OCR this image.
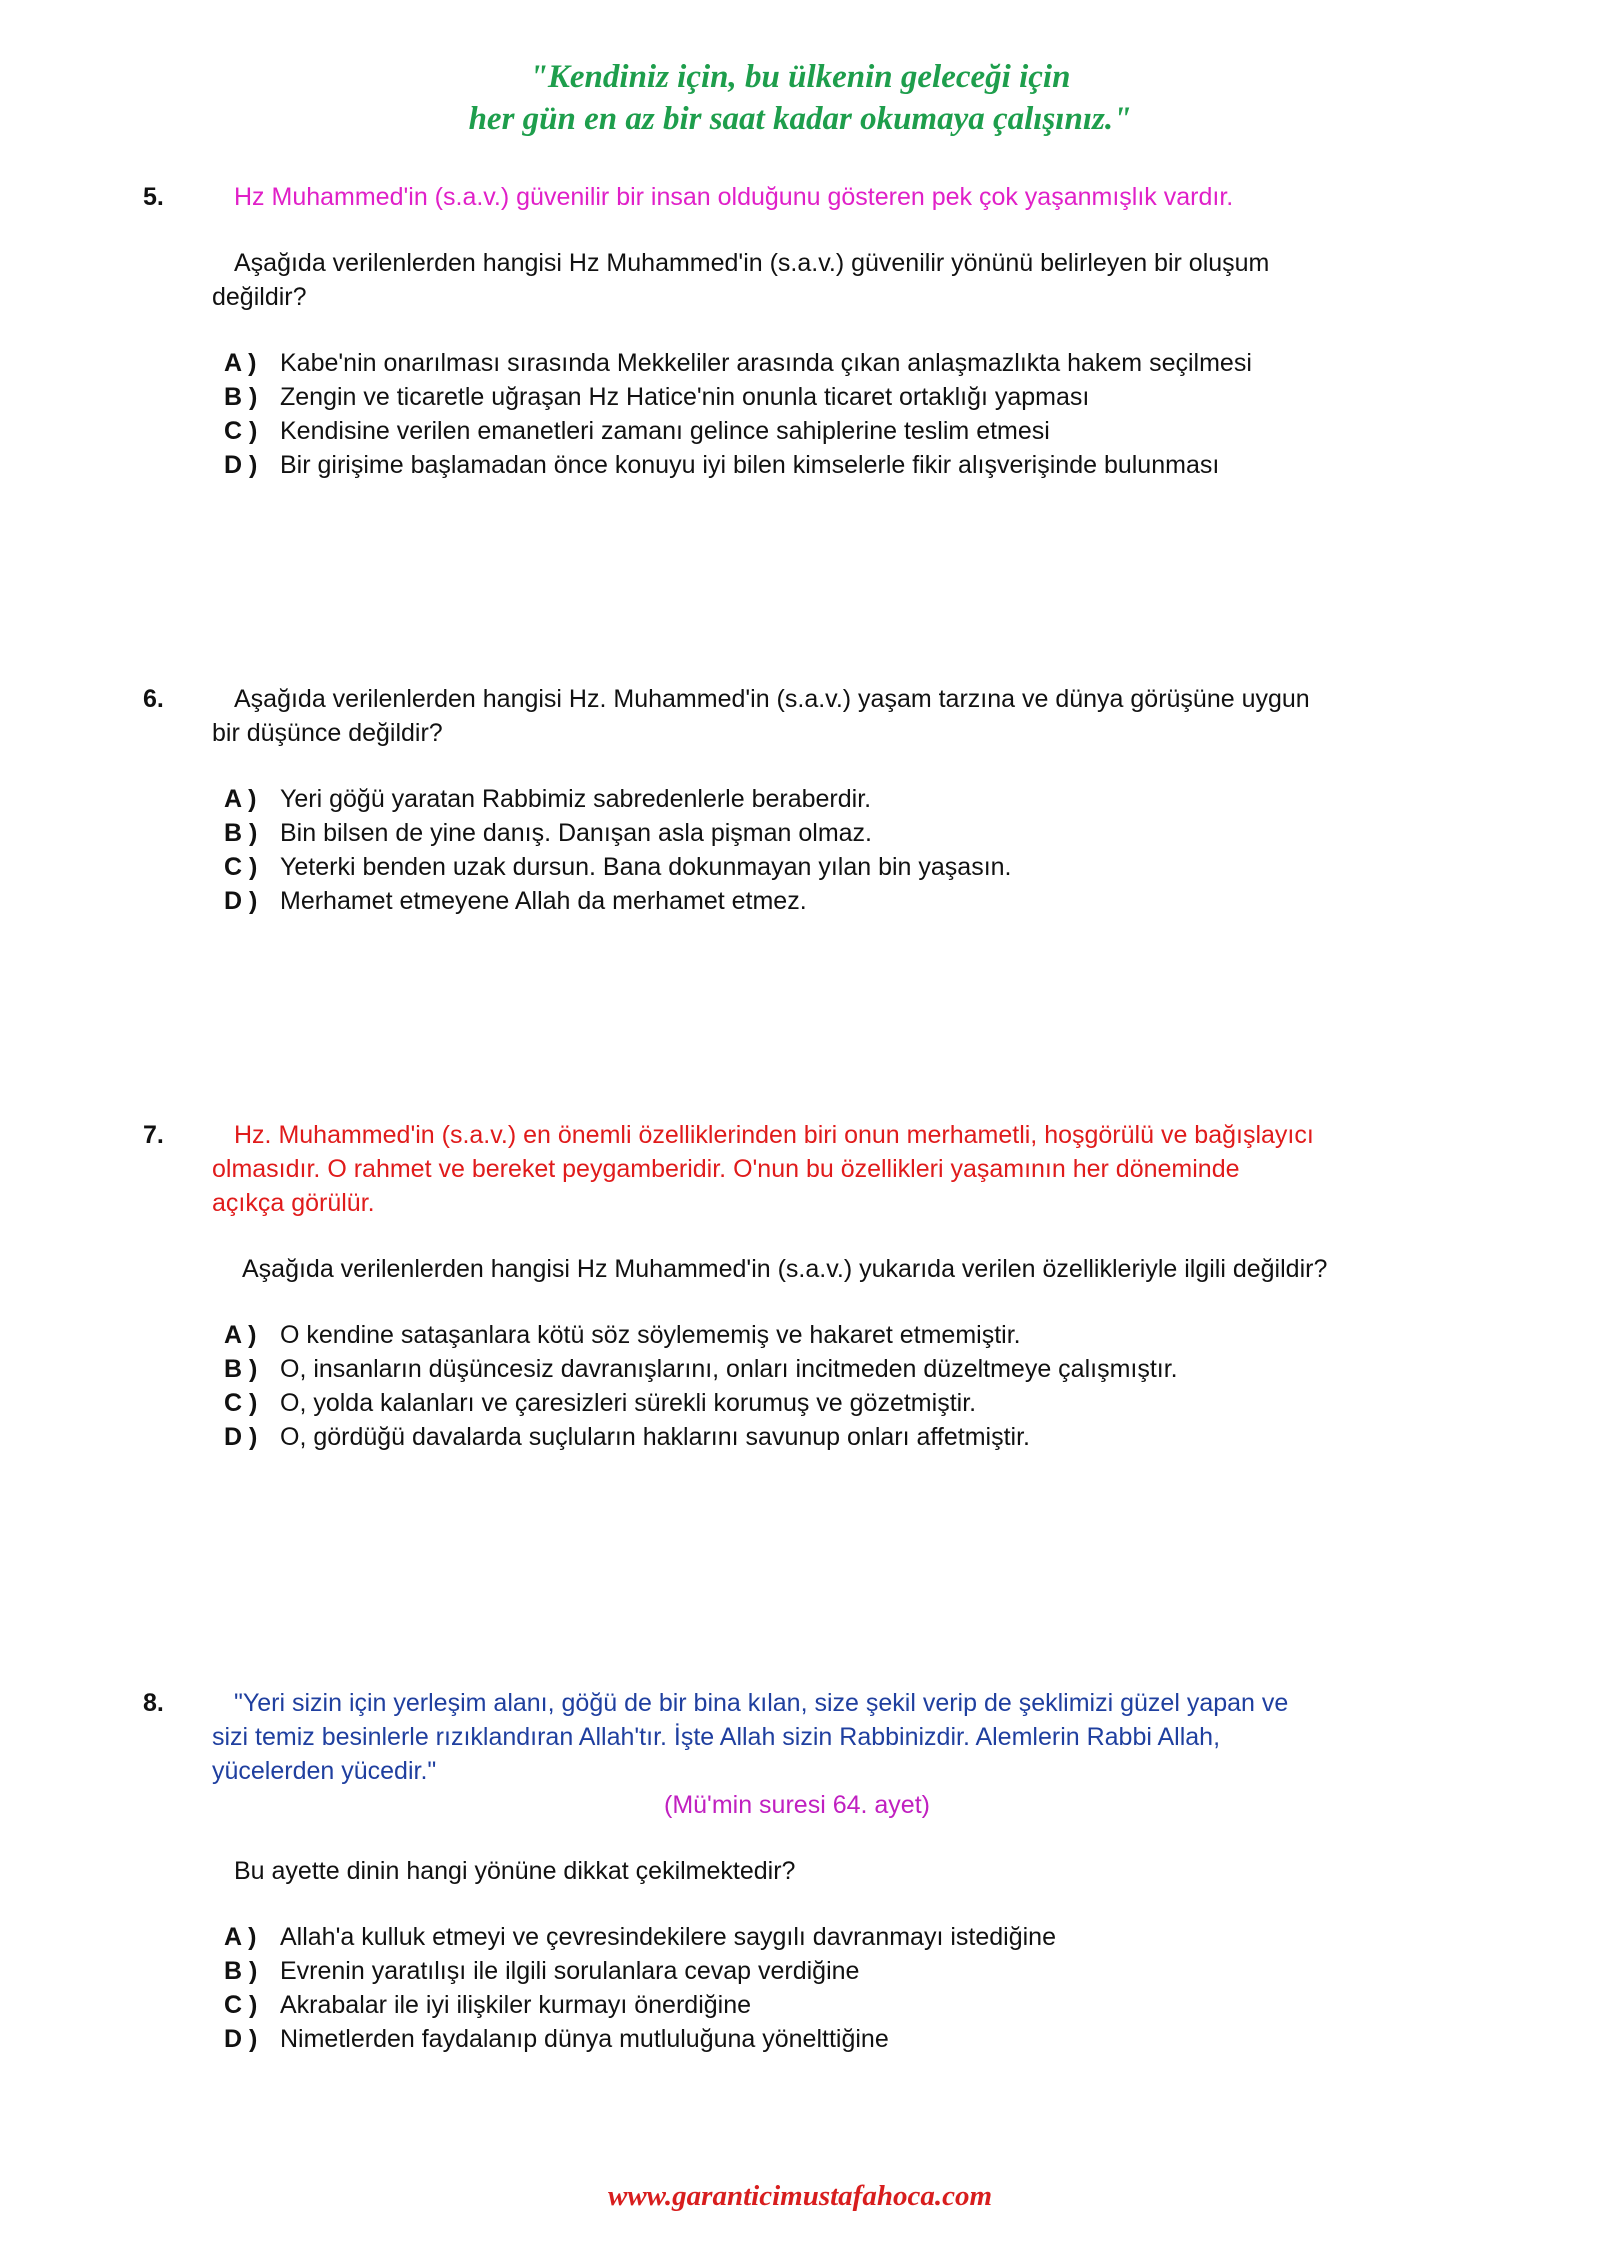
"Kendiniz için, bu ülkenin geleceği için
her gün en az bir saat kadar okumaya çalışınız."
5.	Hz Muhammed'in (s.a.v.) güvenilir bir insan olduğunu gösteren pek çok yaşanmışlık vardır.
Aşağıda verilenlerden hangisi Hz Muhammed'in (s.a.v.) güvenilir yönünü belirleyen bir oluşum
değildir?
A ) Kabe'nin onarılması sırasında Mekkeliler arasında çıkan anlaşmazlıkta hakem seçilmesi
B ) Zengin ve ticaretle uğraşan Hz Hatice'nin onunla ticaret ortaklığı yapması
C ) Kendisine verilen emanetleri zamanı gelince sahiplerine teslim etmesi
D ) Bir girişime başlamadan önce konuyu iyi bilen kimselerle fikir alışverişinde bulunması
6.	Aşağıda verilenlerden hangisi Hz. Muhammed'in (s.a.v.) yaşam tarzına ve dünya görüşüne uygun
bir düşünce değildir?
A ) Yeri göğü yaratan Rabbimiz sabredenlerle beraberdir.
B ) Bin bilsen de yine danış. Danışan asla pişman olmaz.
C ) Yeterki benden uzak dursun. Bana dokunmayan yılan bin yaşasın.
D ) Merhamet etmeyene Allah da merhamet etmez.
7.	Hz. Muhammed'in (s.a.v.) en önemli özelliklerinden biri onun merhametli, hoşgörülü ve bağışlayıcı
olmasıdır. O rahmet ve bereket peygamberidir. O'nun bu özellikleri yaşamının her döneminde
açıkça görülür.
Aşağıda verilenlerden hangisi Hz Muhammed'in (s.a.v.) yukarıda verilen özellikleriyle ilgili değildir?
A ) O kendine sataşanlara kötü söz söylememiş ve hakaret etmemiştir.
B ) O, insanların düşüncesiz davranışlarını, onları incitmeden düzeltmeye çalışmıştır.
C ) O, yolda kalanları ve çaresizleri sürekli korumuş ve gözetmiştir.
D ) O, gördüğü davalarda suçluların haklarını savunup onları affetmiştir.
8.	"Yeri sizin için yerleşim alanı, göğü de bir bina kılan, size şekil verip de şeklimizi güzel yapan ve
sizi temiz besinlerle rızıklandıran Allah'tır. İşte Allah sizin Rabbinizdir. Alemlerin Rabbi Allah,
yücelerden yücedir."
(Mü'min suresi 64. ayet)
Bu ayette dinin hangi yönüne dikkat çekilmektedir?
A ) Allah'a kulluk etmeyi ve çevresindekilere saygılı davranmayı istediğine
B ) Evrenin yaratılışı ile ilgili sorulanlara cevap verdiğine
C ) Akrabalar ile iyi ilişkiler kurmayı önerdiğine
D ) Nimetlerden faydalanıp dünya mutluluğuna yönelttiğine
www.garanticimustafahoca.com
